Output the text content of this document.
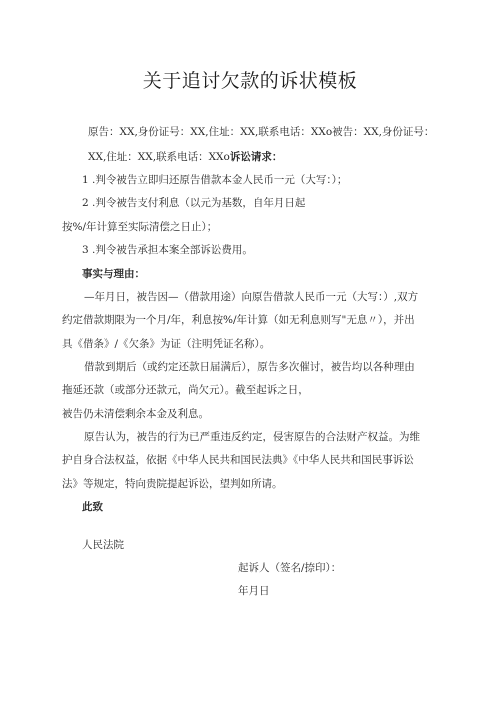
关于追讨欠款的诉状模板
原告：XX,身份证号：XX,住址：XX,联系电话：XXo被告：XX,身份证号：
XX,住址：XX,联系电话：XXo诉讼请求：
1 .判令被告立即归还原告借款本金人民币一元（大写：）；
2 .判令被告支付利息（以元为基数，自年月日起
按%/年计算至实际清偿之日止）；
3 .判令被告承担本案全部诉讼费用。
事实与理由：
—年月日，被告因—（借款用途）向原告借款人民币一元（大写：）,双方
约定借款期限为一个月/年，利息按%/年计算（如无利息则写"无息〃），并出
具《借条》/《欠条》为证（注明凭证名称）。
借款到期后（或约定还款日届满后），原告多次催讨，被告均以各种理由
拖延还款（或部分还款元，尚欠元）。截至起诉之日，
被告仍未清偿剩余本金及利息。
原告认为，被告的行为已严重违反约定，侵害原告的合法财产权益。为维
护自身合法权益，依据《中华人民共和国民法典》《中华人民共和国民事诉讼
法》等规定，特向贵院提起诉讼，望判如所请。
此致
人民法院
起诉人（签名/捺印）：
年月日
